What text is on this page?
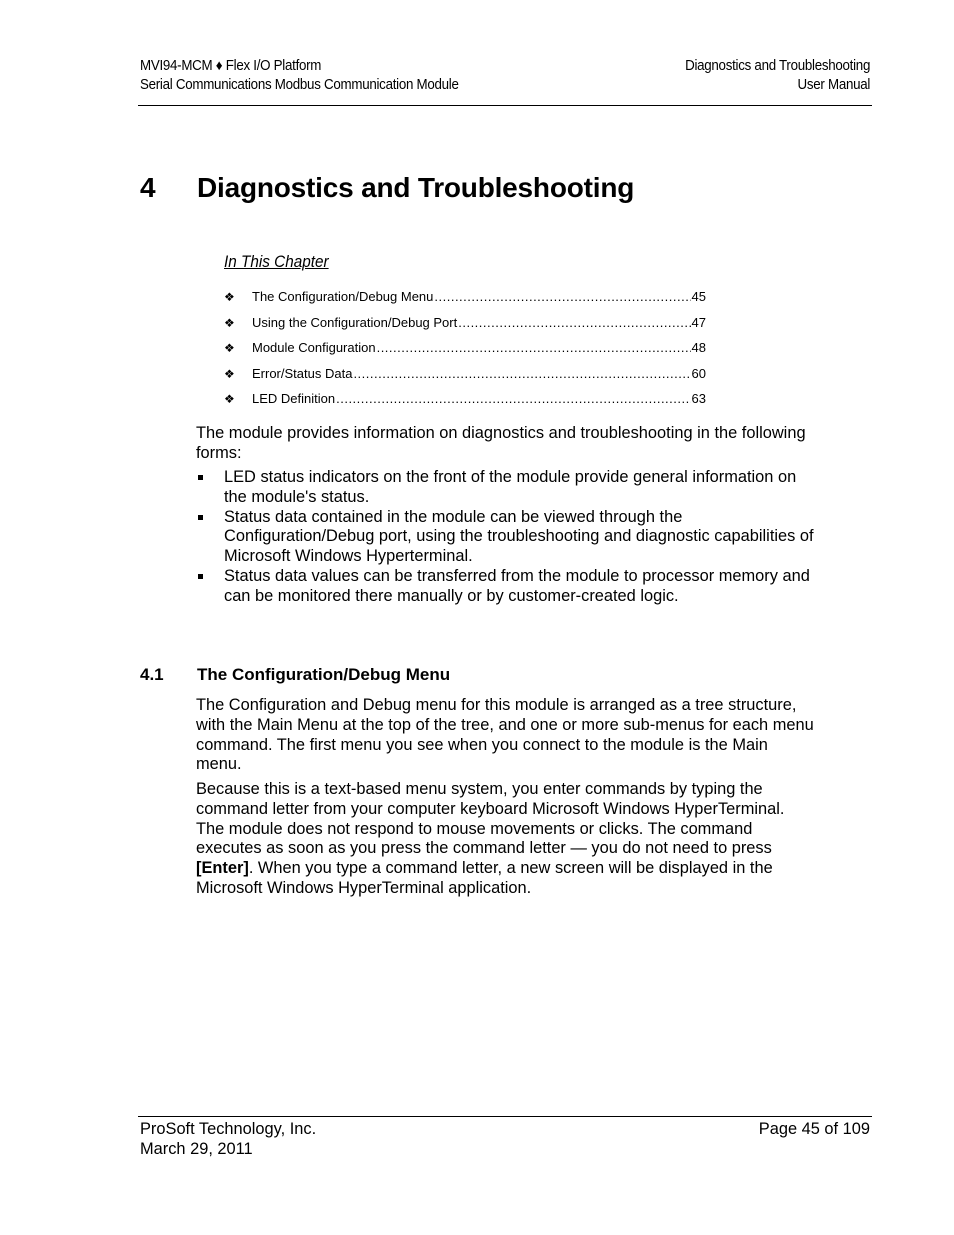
MVI94-MCM ♦ Flex I/O Platform
Serial Communications Modbus Communication Module
Diagnostics and Troubleshooting
User Manual
4 Diagnostics and Troubleshooting
In This Chapter
❖	The Configuration/Debug Menu .....	45
❖	Using the Configuration/Debug Port .....	47
❖	Module Configuration .....	48
❖	Error/Status Data .....	60
❖	LED Definition .....	63

The module provides information on diagnostics and troubleshooting in the following forms:

LED status indicators on the front of the module provide general information on the module's status.
Status data contained in the module can be viewed through the Configuration/Debug port, using the troubleshooting and diagnostic capabilities of Microsoft Windows Hyperterminal.
Status data values can be transferred from the module to processor memory and can be monitored there manually or by customer-created logic.
4.1 The Configuration/Debug Menu

The Configuration and Debug menu for this module is arranged as a tree structure, with the Main Menu at the top of the tree, and one or more sub-menus for each menu command. The first menu you see when you connect to the module is the Main menu.

Because this is a text-based menu system, you enter commands by typing the command letter from your computer keyboard Microsoft Windows HyperTerminal. The module does not respond to mouse movements or clicks. The command executes as soon as you press the command letter — you do not need to press [Enter]. When you type a command letter, a new screen will be displayed in the Microsoft Windows HyperTerminal application.

ProSoft Technology, Inc.
March 29, 2011
Page 45 of 109
